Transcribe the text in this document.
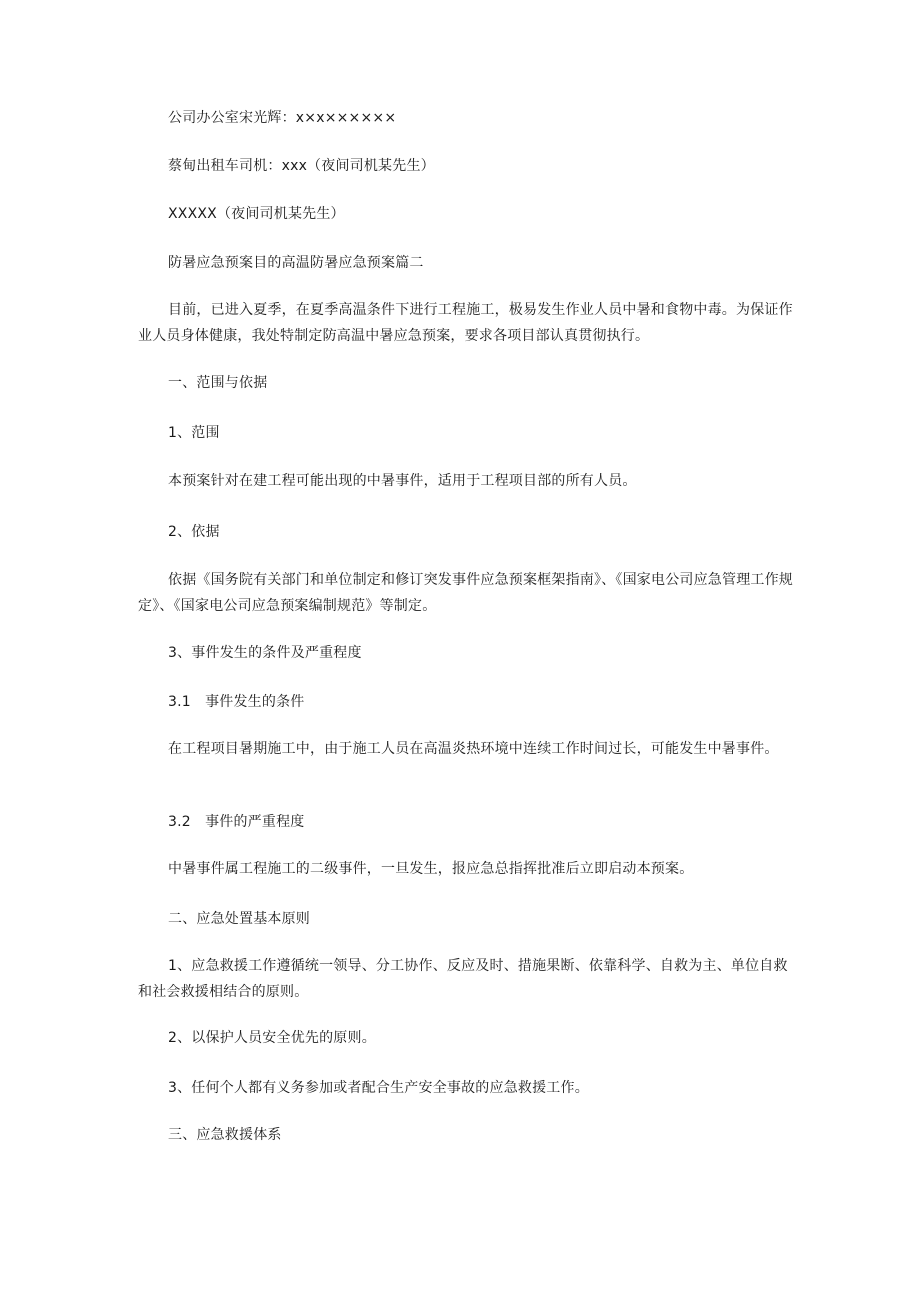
公司办公室宋光辉：x×x××××××

蔡甸出租车司机：xxx（夜间司机某先生）

XXXXX（夜间司机某先生）

防暑应急预案目的高温防暑应急预案篇二

目前，已进入夏季，在夏季高温条件下进行工程施工，极易发生作业人员中暑和食物中毒。为保证作业人员身体健康，我处特制定防高温中暑应急预案，要求各项目部认真贯彻执行。

一、范围与依据

1、范围

本预案针对在建工程可能出现的中暑事件，适用于工程项目部的所有人员。

2、依据

依据《国务院有关部门和单位制定和修订突发事件应急预案框架指南》、《国家电公司应急管理工作规定》、《国家电公司应急预案编制规范》等制定。

3、事件发生的条件及严重程度

3.1　事件发生的条件

在工程项目暑期施工中，由于施工人员在高温炎热环境中连续工作时间过长，可能发生中暑事件。

3.2　事件的严重程度

中暑事件属工程施工的二级事件，一旦发生，报应急总指挥批准后立即启动本预案。

二、应急处置基本原则

1、应急救援工作遵循统一领导、分工协作、反应及时、措施果断、依靠科学、自救为主、单位自救和社会救援相结合的原则。

2、以保护人员安全优先的原则。

3、任何个人都有义务参加或者配合生产安全事故的应急救援工作。

三、应急救援体系
